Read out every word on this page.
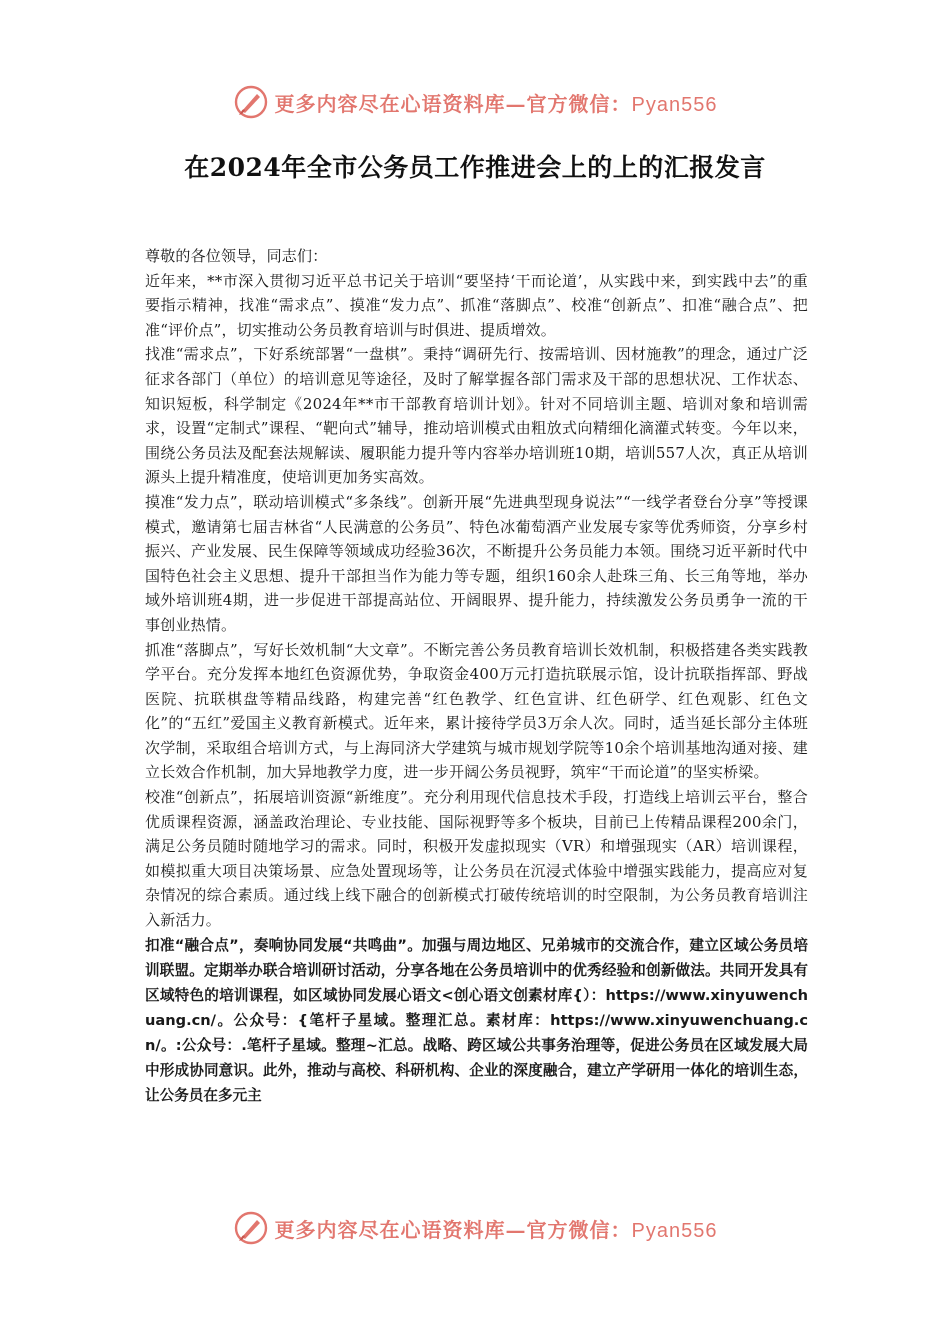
更多内容尽在心语资料库—官方微信：Pyan556
在2024年全市公务员工作推进会上的上的汇报发言

尊敬的各位领导，同志们：

近年来，**市深入贯彻习近平总书记关于培训“要坚持‘干而论道’，从实践中来，到实践中去”的重要指示精神，找准“需求点”、摸准“发力点”、抓准“落脚点”、校准“创新点”、扣准“融合点”、把准“评价点”，切实推动公务员教育培训与时俱进、提质增效。

找准“需求点”，下好系统部署“一盘棋”。秉持“调研先行、按需培训、因材施教”的理念，通过广泛征求各部门（单位）的培训意见等途径，及时了解掌握各部门需求及干部的思想状况、工作状态、知识短板，科学制定《2024年**市干部教育培训计划》。针对不同培训主题、培训对象和培训需求，设置“定制式”课程、“靶向式”辅导，推动培训模式由粗放式向精细化滴灌式转变。今年以来，围绕公务员法及配套法规解读、履职能力提升等内容举办培训班10期，培训557人次，真正从培训源头上提升精准度，使培训更加务实高效。

摸准“发力点”，联动培训模式“多条线”。创新开展“先进典型现身说法”“一线学者登台分享”等授课模式，邀请第七届吉林省“人民满意的公务员”、特色冰葡萄酒产业发展专家等优秀师资，分享乡村振兴、产业发展、民生保障等领域成功经验36次，不断提升公务员能力本领。围绕习近平新时代中国特色社会主义思想、提升干部担当作为能力等专题，组织160余人赴珠三角、长三角等地，举办域外培训班4期，进一步促进干部提高站位、开阔眼界、提升能力，持续激发公务员勇争一流的干事创业热情。

抓准“落脚点”，写好长效机制“大文章”。不断完善公务员教育培训长效机制，积极搭建各类实践教学平台。充分发挥本地红色资源优势，争取资金400万元打造抗联展示馆，设计抗联指挥部、野战医院、抗联棋盘等精品线路，构建完善“红色教学、红色宣讲、红色研学、红色观影、红色文化”的“五红”爱国主义教育新模式。近年来，累计接待学员3万余人次。同时，适当延长部分主体班次学制，采取组合培训方式，与上海同济大学建筑与城市规划学院等10余个培训基地沟通对接、建立长效合作机制，加大异地教学力度，进一步开阔公务员视野，筑牢“干而论道”的坚实桥梁。

校准“创新点”，拓展培训资源“新维度”。充分利用现代信息技术手段，打造线上培训云平台，整合优质课程资源，涵盖政治理论、专业技能、国际视野等多个板块，目前已上传精品课程200余门，满足公务员随时随地学习的需求。同时，积极开发虚拟现实（VR）和增强现实（AR）培训课程，如模拟重大项目决策场景、应急处置现场等，让公务员在沉浸式体验中增强实践能力，提高应对复杂情况的综合素质。通过线上线下融合的创新模式打破传统培训的时空限制，为公务员教育培训注入新活力。

扣准“融合点”，奏响协同发展“共鸣曲”。加强与周边地区、兄弟城市的交流合作，建立区域公务员培训联盟。定期举办联合培训研讨活动，分享各地在公务员培训中的优秀经验和创新做法。共同开发具有区域特色的培训课程，如区域协同发展心语文<创心语文创素材库{）：https://www.xinyuwenchuang.cn/。公众号：{笔杆子星域。整理汇总。素材库：https://www.xinyuwenchuang.cn/。:公众号：.笔杆子星域。整理~汇总。战略、跨区域公共事务治理等，促进公务员在区域发展大局中形成协同意识。此外，推动与高校、科研机构、企业的深度融合，建立产学研用一体化的培训生态，让公务员在多元主

更多内容尽在心语资料库—官方微信：Pyan556
